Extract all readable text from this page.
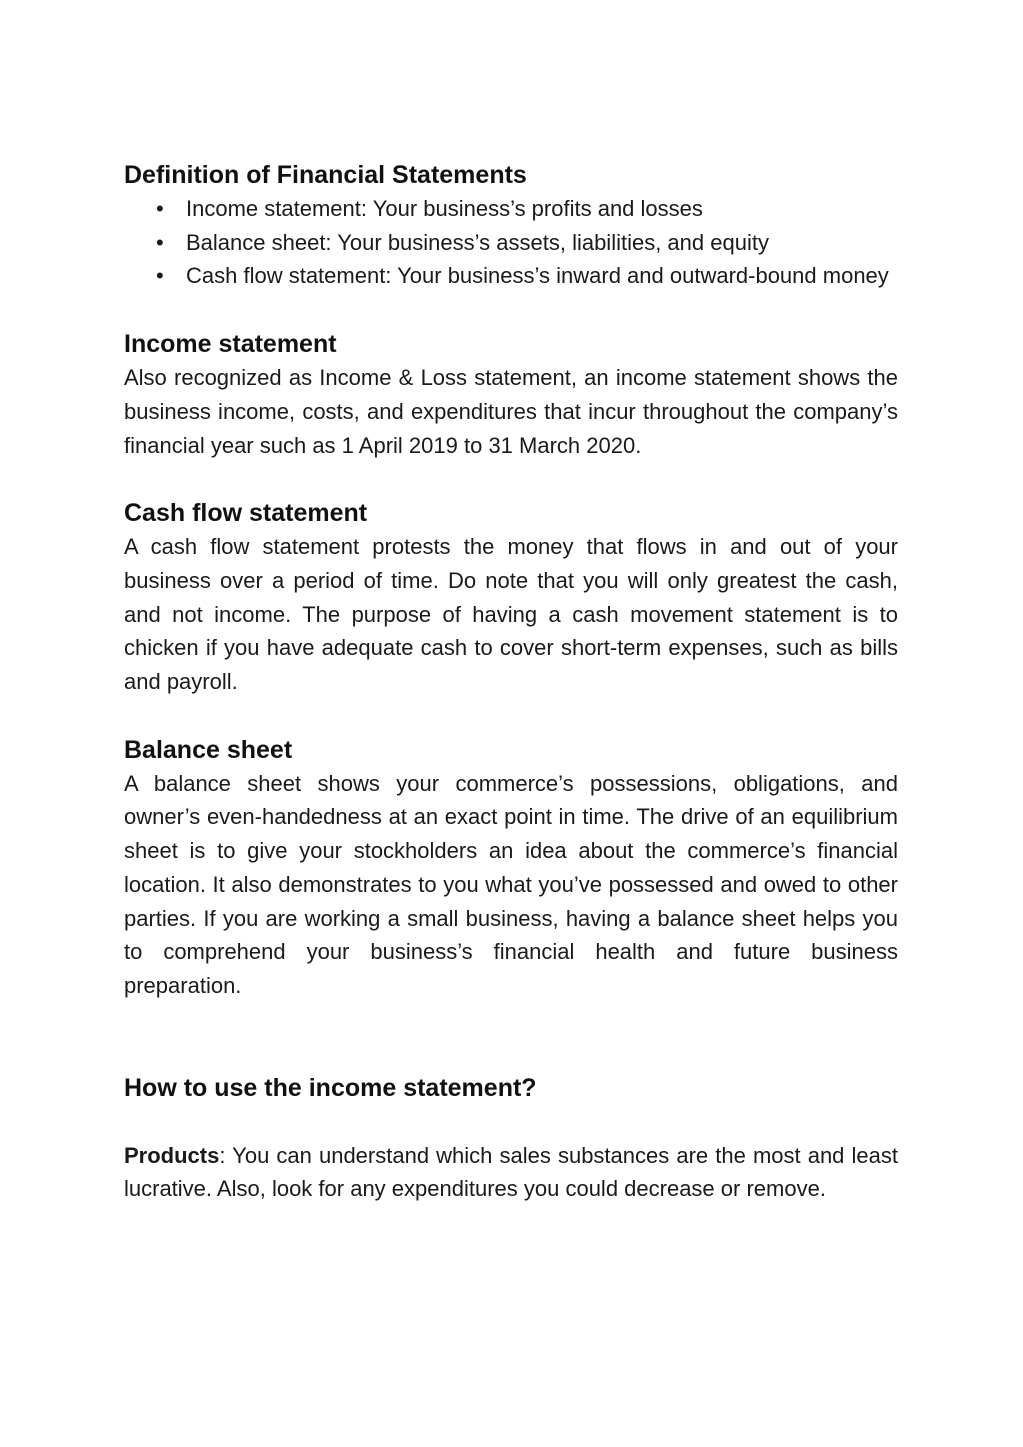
Definition of Financial Statements
• Income statement: Your business’s profits and losses
• Balance sheet: Your business’s assets, liabilities, and equity
• Cash flow statement: Your business’s inward and outward-bound money
Income statement

Also recognized as Income & Loss statement, an income statement shows the business income, costs, and expenditures that incur throughout the company’s financial year such as 1 April 2019 to 31 March 2020.

Cash flow statement

A cash flow statement protests the money that flows in and out of your business over a period of time. Do note that you will only greatest the cash, and not income. The purpose of having a cash movement statement is to chicken if you have adequate cash to cover short-term expenses, such as bills and payroll.

Balance sheet

A balance sheet shows your commerce’s possessions, obligations, and owner’s even-handedness at an exact point in time. The drive of an equilibrium sheet is to give your stockholders an idea about the commerce’s financial location. It also demonstrates to you what you’ve possessed and owed to other parties. If you are working a small business, having a balance sheet helps you to comprehend your business’s financial health and future business preparation.

How to use the income statement?

Products: You can understand which sales substances are the most and least lucrative. Also, look for any expenditures you could decrease or remove.
